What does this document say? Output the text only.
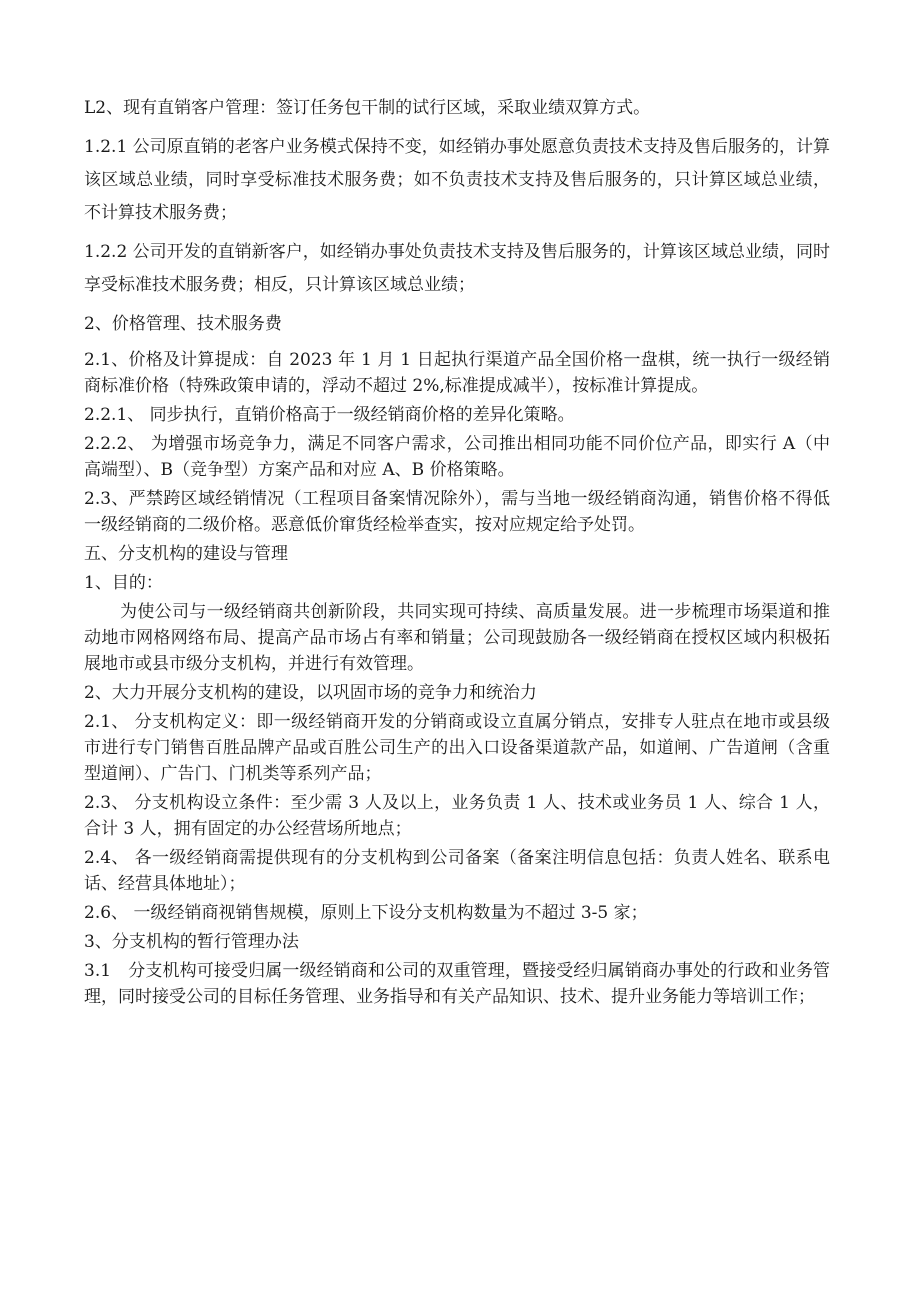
L2、现有直销客户管理：签订任务包干制的试行区域，采取业绩双算方式。

1.2.1 公司原直销的老客户业务模式保持不变，如经销办事处愿意负责技术支持及售后服务的，计算该区域总业绩，同时享受标准技术服务费；如不负责技术支持及售后服务的，只计算区域总业绩，不计算技术服务费；

1.2.2 公司开发的直销新客户，如经销办事处负责技术支持及售后服务的，计算该区域总业绩，同时享受标准技术服务费；相反，只计算该区域总业绩；

2、价格管理、技术服务费

2.1、价格及计算提成：自 2023 年 1 月 1 日起执行渠道产品全国价格一盘棋，统一执行一级经销商标准价格（特殊政策申请的，浮动不超过 2%,标准提成减半），按标准计算提成。

2.2.1、 同步执行，直销价格高于一级经销商价格的差异化策略。

2.2.2、 为增强市场竞争力，满足不同客户需求，公司推出相同功能不同价位产品，即实行 A（中高端型）、B（竞争型）方案产品和对应 A、B 价格策略。

2.3、严禁跨区域经销情况（工程项目备案情况除外），需与当地一级经销商沟通，销售价格不得低一级经销商的二级价格。恶意低价窜货经检举查实，按对应规定给予处罚。

五、分支机构的建设与管理

1、目的：

为使公司与一级经销商共创新阶段，共同实现可持续、高质量发展。进一步梳理市场渠道和推动地市网格网络布局、提高产品市场占有率和销量；公司现鼓励各一级经销商在授权区域内积极拓展地市或县市级分支机构，并进行有效管理。

2、大力开展分支机构的建设，以巩固市场的竞争力和统治力

2.1、 分支机构定义：即一级经销商开发的分销商或设立直属分销点，安排专人驻点在地市或县级市进行专门销售百胜品牌产品或百胜公司生产的出入口设备渠道款产品，如道闸、广告道闸（含重型道闸）、广告门、门机类等系列产品；

2.3、 分支机构设立条件：至少需 3 人及以上，业务负责 1 人、技术或业务员 1 人、综合 1 人，合计 3 人，拥有固定的办公经营场所地点；

2.4、 各一级经销商需提供现有的分支机构到公司备案（备案注明信息包括：负责人姓名、联系电话、经营具体地址）；

2.6、 一级经销商视销售规模，原则上下设分支机构数量为不超过 3-5 家；

3、分支机构的暂行管理办法

3.1　分支机构可接受归属一级经销商和公司的双重管理，暨接受经归属销商办事处的行政和业务管理，同时接受公司的目标任务管理、业务指导和有关产品知识、技术、提升业务能力等培训工作；
